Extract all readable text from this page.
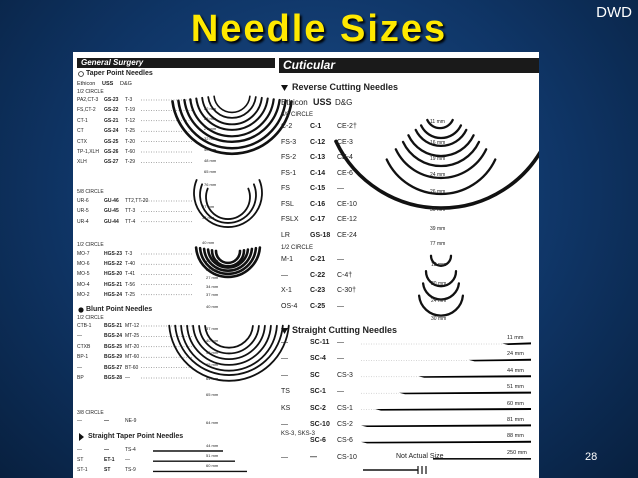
Needle Sizes	DWD
28
General Surgery
Taper Point Needles
Ethicon USS D&G
1/2 CIRCLE
PA2,CT-3 GS-23 T-3
FS,CT-2 GS-22 T-19
CT-1	GS-21 T-12
CT	GS-24 T-25
CTX	GS-25 T-20
TP-1,XLH GS-26 T-60
XLH	GS-27 T-29
22 mm
26 mm
27 mm
32 mm
40 mm
48 mm
65 mm
76 mm
5/8 CIRCLE
UR-6	GU-46 TT2,TT-20
UR-5	GU-45 TT-3
UR-4	GU-44 TT-4
27 mm
37 mm
40 mm
1/2 CIRCLE
MO-7	HGS-23 T-3
MO-6	HGS-22 T-40
MO-5	HGS-20 T-41
MO-4	HGS-21 T-56
MO-2	HGS-24 T-25
22 mm
26 mm
27 mm
34 mm
37 mm
40 mm
Blunt Point Needles
1/2 CIRCLE
CTB-1	BGS-21 MT-12
—	BGS-24 MT-25
CTXB	BGS-25 MT-20
BP-1	BGS-29 MT-60
—	BGS-27 BT-60
BP	BGS-28 —
37 mm
40 mm
48 mm
65 mm
64 mm
65 mm
64 mm
3/8 CIRCLE
—	—	NE-9
Straight Taper Point Needles
—	—	TS-4
44 mm
ST	ET-1 —
51 mm
ST-1	ST	TS-9
60 mm
Cuticular
Reverse Cutting Needles
Ethicon USS D&G
3/8 CIRCLE
C-2	C-1 CE-2†
FS-3 C-12 CE-3
FS-2 C-13 CE-4
FS-1 C-14 CE-6
FS	C-15 —
FSL C-16 CE-10
FSLX C-17 CE-12
LR	GS-18 CE-24
11 mm
16 mm
19 mm
24 mm
26 mm
30 mm
39 mm
77 mm
1/2 CIRCLE
M-1 C-21 —
—	C-22 C-4†
X-1	C-23 C-30†
OS-4 C-25 —
13 mm
20 mm
24 mm
30 mm
Straight Cutting Needles
—	SC-11 —
11 mm
—	SC-4 —
24 mm
—	SC CS-3
44 mm
TS	SC-1 —
51 mm
KS	SC-2 CS-1
60 mm
—	SC-10 CS-2
81 mm
KS-3, SKS-3
SC-6 CS-6
88 mm
—	—	CS-10
250 mm
Not Actual Size
